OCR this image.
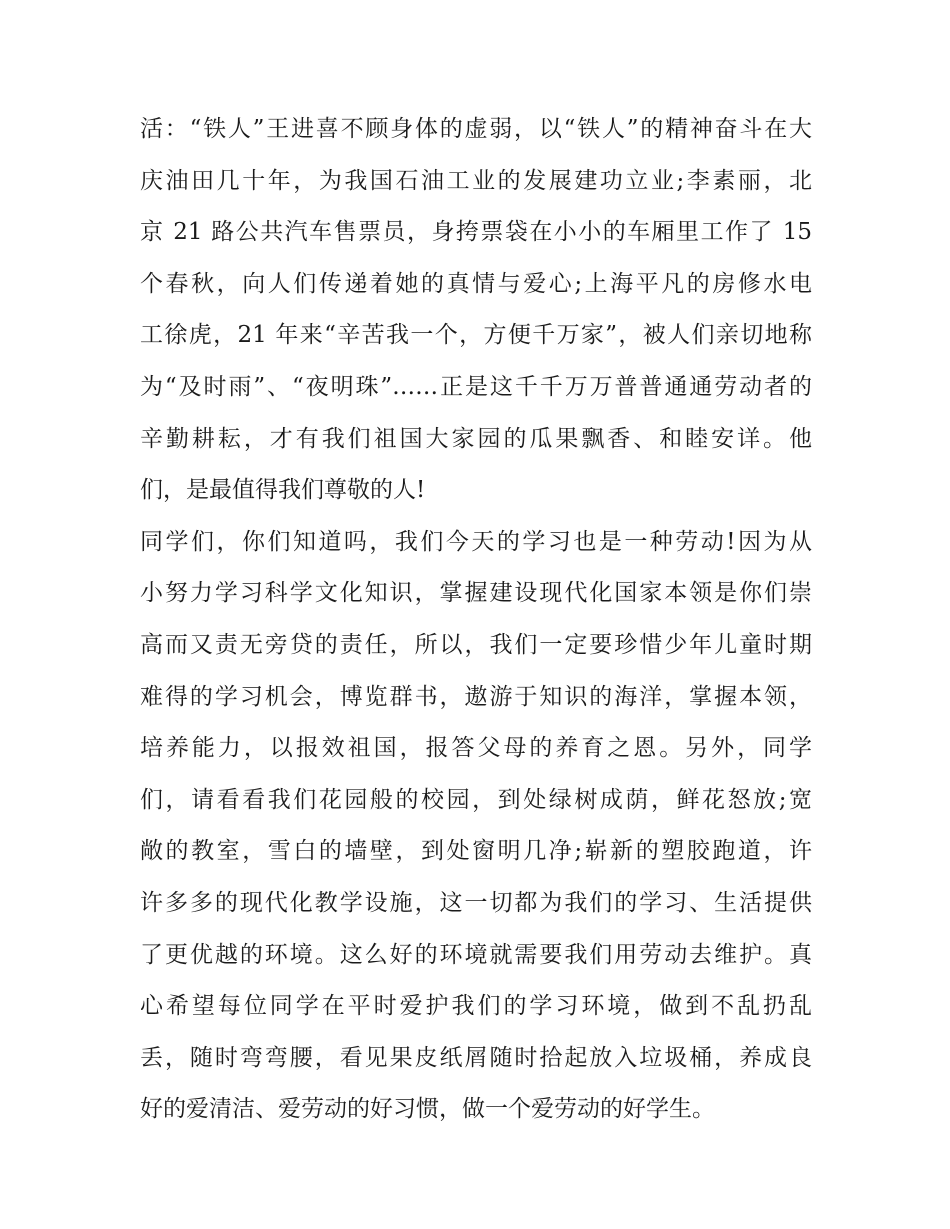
活：“铁人”王进喜不顾身体的虚弱，以“铁人”的精神奋斗在大
庆油田几十年，为我国石油工业的发展建功立业;李素丽，北
京 21 路公共汽车售票员，身挎票袋在小小的车厢里工作了 15
个春秋，向人们传递着她的真情与爱心;上海平凡的房修水电
工徐虎，21 年来“辛苦我一个，方便千万家”，被人们亲切地称
为“及时雨”、“夜明珠”……正是这千千万万普普通通劳动者的
辛勤耕耘，才有我们祖国大家园的瓜果飘香、和睦安详。他
们，是最值得我们尊敬的人!
同学们，你们知道吗，我们今天的学习也是一种劳动!因为从
小努力学习科学文化知识，掌握建设现代化国家本领是你们崇
高而又责无旁贷的责任，所以，我们一定要珍惜少年儿童时期
难得的学习机会，博览群书，遨游于知识的海洋，掌握本领，
培养能力，以报效祖国，报答父母的养育之恩。另外，同学
们，请看看我们花园般的校园，到处绿树成荫，鲜花怒放;宽
敞的教室，雪白的墙壁，到处窗明几净;崭新的塑胶跑道，许
许多多的现代化教学设施，这一切都为我们的学习、生活提供
了更优越的环境。这么好的环境就需要我们用劳动去维护。真
心希望每位同学在平时爱护我们的学习环境，做到不乱扔乱
丢，随时弯弯腰，看见果皮纸屑随时拾起放入垃圾桶，养成良
好的爱清洁、爱劳动的好习惯，做一个爱劳动的好学生。
